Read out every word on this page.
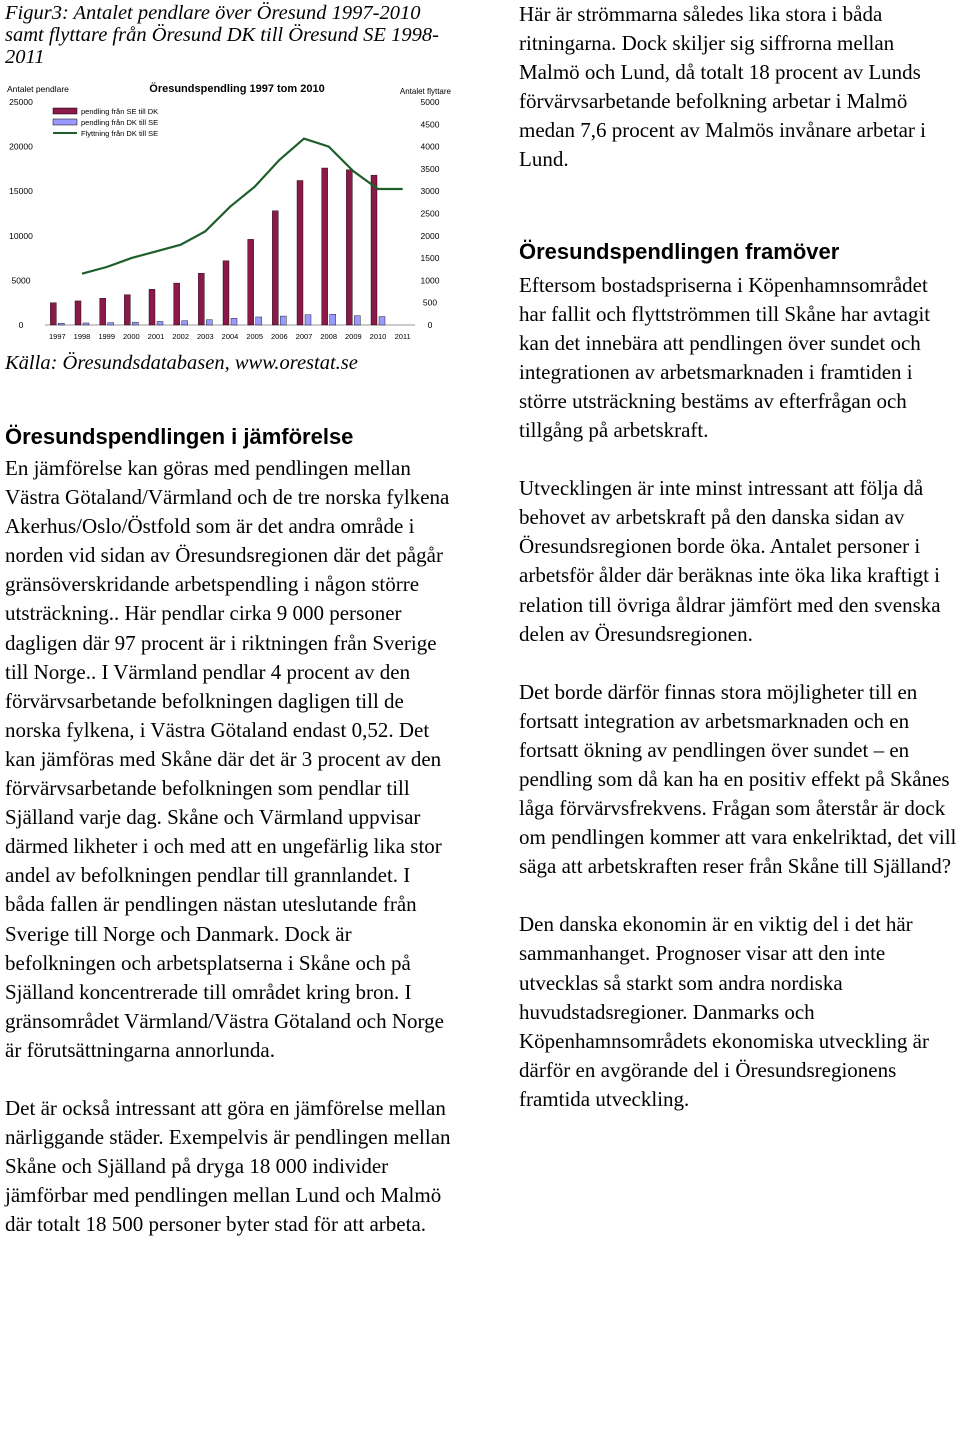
Figur3: Antalet pendlare över Öresund 1997-2010 samt flyttare från Öresund DK till Öresund SE 1998-2011

Antalet pendlare	Antalet flyttare
Öresundspendling 1997 tom 2010
0
5000
10000
15000
20000
25000
0
500
1000
1500
2000
2500
3000
3500
4000
4500
5000
1997 1998 1999 2000 2001 2002 2003 2004 2005 2006 2007 2008 2009 2010 2011
pendling från SE till DK
pendling från DK till SE
Flyttning från DK till SE
Källa: Öresundsdatabasen, www.orestat.se
Öresundspendlingen i jämförelse

En jämförelse kan göras med pendlingen mellan Västra Götaland/Värmland och de tre norska fylkena Akerhus/Oslo/Östfold som är det andra område i norden vid sidan av Öresundsregionen där det pågår gränsöverskridande arbetspendling i någon större utsträckning.. Här pendlar cirka 9 000 personer dagligen där 97 procent är i riktningen från Sverige till Norge.. I Värmland pendlar 4 procent av den förvärvsarbetande befolkningen dagligen till de norska fylkena, i Västra Götaland endast 0,52. Det kan jämföras med Skåne där det är 3 procent av den förvärvsarbetande befolkningen som pendlar till Själland varje dag. Skåne och Värmland uppvisar därmed likheter i och med att en ungefärlig lika stor andel av befolkningen pendlar till grannlandet. I båda fallen är pendlingen nästan uteslutande från Sverige till Norge och Danmark. Dock är befolkningen och arbetsplatserna i Skåne och på Själland koncentrerade till området kring bron. I gränsområdet Värmland/Västra Götaland och Norge är förutsättningarna annorlunda.

Det är också intressant att göra en jämförelse mellan närliggande städer. Exempelvis är pendlingen mellan Skåne och Själland på dryga 18 000 individer jämförbar med pendlingen mellan Lund och Malmö där totalt 18 500 personer byter stad för att arbeta.

Här är strömmarna således lika stora i båda ritningarna. Dock skiljer sig siffrorna mellan Malmö och Lund, då totalt 18 procent av Lunds förvärvsarbetande befolkning arbetar i Malmö medan 7,6 procent av Malmös invånare arbetar i Lund.

Öresundspendlingen framöver

Eftersom bostadspriserna i Köpenhamnsområdet har fallit och flyttströmmen till Skåne har avtagit kan det innebära att pendlingen över sundet och integrationen av arbetsmarknaden i framtiden i större utsträckning bestäms av efterfrågan och tillgång på arbetskraft.

Utvecklingen är inte minst intressant att följa då behovet av arbetskraft på den danska sidan av Öresundsregionen borde öka. Antalet personer i arbetsför ålder där beräknas inte öka lika kraftigt i relation till övriga åldrar jämfört med den svenska delen av Öresundsregionen.

Det borde därför finnas stora möjligheter till en fortsatt integration av arbetsmarknaden och en fortsatt ökning av pendlingen över sundet – en pendling som då kan ha en positiv effekt på Skånes låga förvärvsfrekvens. Frågan som återstår är dock om pendlingen kommer att vara enkelriktad, det vill säga att arbetskraften reser från Skåne till Själland?

Den danska ekonomin är en viktig del i det här sammanhanget. Prognoser visar att den inte utvecklas så starkt som andra nordiska huvudstadsregioner. Danmarks och Köpenhamnsområdets ekonomiska utveckling är därför en avgörande del i Öresundsregionens framtida utveckling.
